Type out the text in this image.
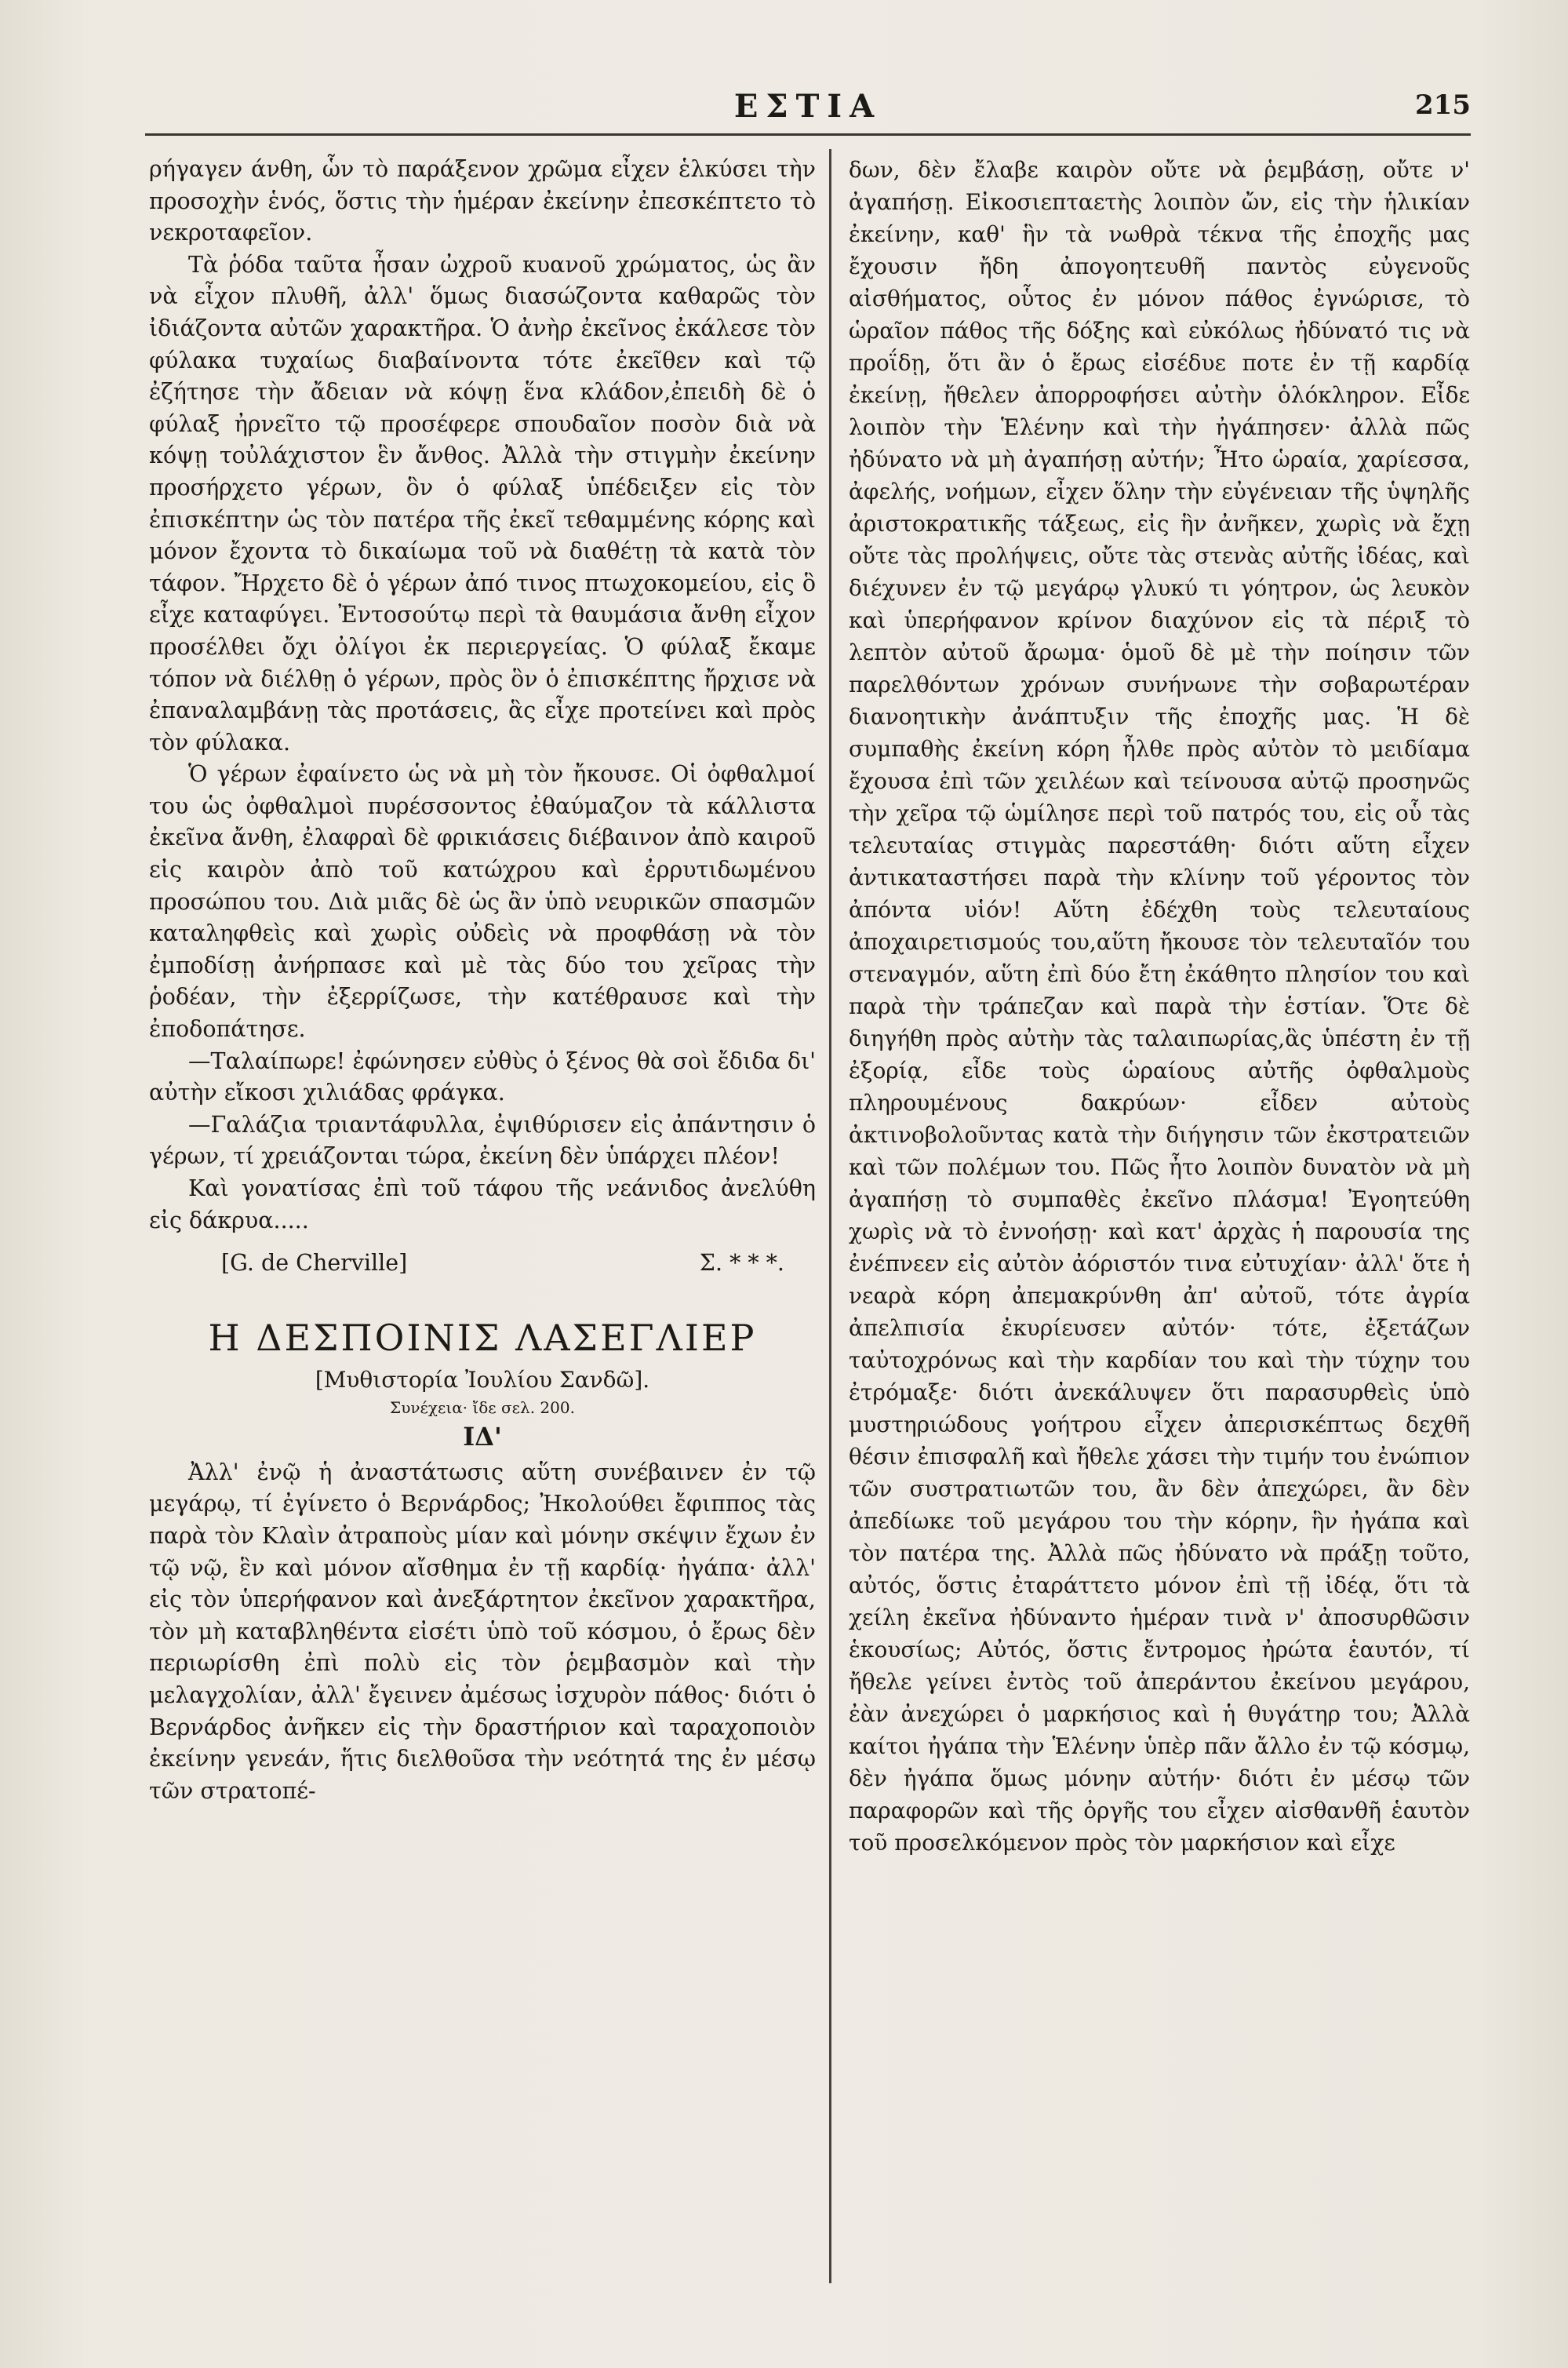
ΕΣΤΙΑ	215

ρήγαγεν άνθη, ὧν τὸ παράξενον χρῶμα εἶχεν ἑλκύσει τὴν προσοχὴν ἑνός, ὅστις τὴν ἡμέραν ἐκείνην ἐπεσκέπτετο τὸ νεκροταφεῖον.

Τὰ ῥόδα ταῦτα ἦσαν ὠχροῦ κυανοῦ χρώματος, ὡς ἂν νὰ εἶχον πλυθῆ, ἀλλ' ὅμως διασώζοντα καθαρῶς τὸν ἰδιάζοντα αὐτῶν χαρακτῆρα. Ὁ ἀνὴρ ἐκεῖνος ἐκάλεσε τὸν φύλακα τυχαίως διαβαίνοντα τότε ἐκεῖθεν καὶ τῷ ἐζήτησε τὴν ἄδειαν νὰ κόψῃ ἕνα κλάδον,ἐπειδὴ δὲ ὁ φύλαξ ἠρνεῖτο τῷ προσέφερε σπουδαῖον ποσὸν διὰ νὰ κόψῃ τοὐλάχιστον ἓν ἄνθος. Ἀλλὰ τὴν στιγμὴν ἐκείνην προσήρχετο γέρων, ὃν ὁ φύλαξ ὑπέδειξεν εἰς τὸν ἐπισκέπτην ὡς τὸν πατέρα τῆς ἐκεῖ τεθαμμένης κόρης καὶ μόνον ἔχοντα τὸ δικαίωμα τοῦ νὰ διαθέτῃ τὰ κατὰ τὸν τάφον. Ἤρχετο δὲ ὁ γέρων ἀπό τινος πτωχοκομείου, εἰς ὃ εἶχε καταφύγει. Ἐντοσούτῳ περὶ τὰ θαυμάσια ἄνθη εἶχον προσέλθει ὄχι ὀλίγοι ἐκ περιεργείας. Ὁ φύλαξ ἔκαμε τόπον νὰ διέλθῃ ὁ γέρων, πρὸς ὃν ὁ ἐπισκέπτης ἤρχισε νὰ ἐπαναλαμβάνῃ τὰς προτάσεις, ἃς εἶχε προτείνει καὶ πρὸς τὸν φύλακα.

Ὁ γέρων ἐφαίνετο ὡς νὰ μὴ τὸν ἤκουσε. Οἱ ὀφθαλμοί του ὡς ὀφθαλμοὶ πυρέσσοντος ἐθαύμαζον τὰ κάλλιστα ἐκεῖνα ἄνθη, ἐλαφραὶ δὲ φρικιάσεις διέβαινον ἀπὸ καιροῦ εἰς καιρὸν ἀπὸ τοῦ κατώχρου καὶ ἐρρυτιδωμένου προσώπου του. Διὰ μιᾶς δὲ ὡς ἂν ὑπὸ νευρικῶν σπασμῶν καταληφθεὶς καὶ χωρὶς οὐδεὶς νὰ προφθάσῃ νὰ τὸν ἐμποδίσῃ ἀνήρπασε καὶ μὲ τὰς δύο του χεῖρας τὴν ῥοδέαν, τὴν ἐξερρίζωσε, τὴν κατέθραυσε καὶ τὴν ἐποδοπάτησε.

—Ταλαίπωρε! ἐφώνησεν εὐθὺς ὁ ξένος θὰ σοὶ ἔδιδα δι' αὐτὴν εἴκοσι χιλιάδας φράγκα.

—Γαλάζια τριαντάφυλλα, ἐψιθύρισεν εἰς ἀπάντησιν ὁ γέρων, τί χρειάζονται τώρα, ἐκείνη δὲν ὑπάρχει πλέον!

Καὶ γονατίσας ἐπὶ τοῦ τάφου τῆς νεάνιδος ἀνελύθη εἰς δάκρυα.....

[G. de Cherville]	Σ. * * *.
Η ΔΕΣΠΟΙΝΙΣ ΛΑΣΕΓΛΙΕΡ
[Μυθιστορία Ἰουλίου Σανδῶ].
Συνέχεια· ἴδε σελ. 200.
ΙΔ'

Ἀλλ' ἐνῷ ἡ ἀναστάτωσις αὕτη συνέβαινεν ἐν τῷ μεγάρῳ, τί ἐγίνετο ὁ Βερνάρδος; Ἠκολούθει ἔφιππος τὰς παρὰ τὸν Κλαὶν ἀτραποὺς μίαν καὶ μόνην σκέψιν ἔχων ἐν τῷ νῷ, ἓν καὶ μόνον αἴσθημα ἐν τῇ καρδίᾳ· ἠγάπα· ἀλλ' εἰς τὸν ὑπερήφανον καὶ ἀνεξάρτητον ἐκεῖνον χαρακτῆρα, τὸν μὴ καταβληθέντα εἰσέτι ὑπὸ τοῦ κόσμου, ὁ ἔρως δὲν περιωρίσθη ἐπὶ πολὺ εἰς τὸν ῥεμβασμὸν καὶ τὴν μελαγχολίαν, ἀλλ' ἔγεινεν ἀμέσως ἰσχυρὸν πάθος· διότι ὁ Βερνάρδος ἀνῆκεν εἰς τὴν δραστήριον καὶ ταραχοποιὸν ἐκείνην γενεάν, ἥτις διελθοῦσα τὴν νεότητά της ἐν μέσῳ τῶν στρατοπέ-

δων, δὲν ἔλαβε καιρὸν οὔτε νὰ ῥεμβάσῃ, οὔτε ν' ἀγαπήσῃ. Εἰκοσιεπταετὴς λοιπὸν ὤν, εἰς τὴν ἡλικίαν ἐκείνην, καθ' ἣν τὰ νωθρὰ τέκνα τῆς ἐποχῆς μας ἔχουσιν ἤδη ἀπογοητευθῆ παντὸς εὐγενοῦς αἰσθήματος, οὗτος ἐν μόνον πάθος ἐγνώρισε, τὸ ὡραῖον πάθος τῆς δόξης καὶ εὐκόλως ἠδύνατό τις νὰ προΐδῃ, ὅτι ἂν ὁ ἔρως εἰσέδυε ποτε ἐν τῇ καρδίᾳ ἐκείνῃ, ἤθελεν ἀπορροφήσει αὐτὴν ὁλόκληρον. Εἶδε λοιπὸν τὴν Ἑλένην καὶ τὴν ἠγάπησεν· ἀλλὰ πῶς ἠδύνατο νὰ μὴ ἀγαπήσῃ αὐτήν; Ἦτο ὡραία, χαρίεσσα, ἀφελής, νοήμων, εἶχεν ὅλην τὴν εὐγένειαν τῆς ὑψηλῆς ἀριστοκρατικῆς τάξεως, εἰς ἣν ἀνῆκεν, χωρὶς νὰ ἔχῃ οὔτε τὰς προλήψεις, οὔτε τὰς στενὰς αὐτῆς ἰδέας, καὶ διέχυνεν ἐν τῷ μεγάρῳ γλυκύ τι γόητρον, ὡς λευκὸν καὶ ὑπερήφανον κρίνον διαχύνον εἰς τὰ πέριξ τὸ λεπτὸν αὐτοῦ ἄρωμα· ὁμοῦ δὲ μὲ τὴν ποίησιν τῶν παρελθόντων χρόνων συνήνωνε τὴν σοβαρωτέραν διανοητικὴν ἀνάπτυξιν τῆς ἐποχῆς μας. Ἡ δὲ συμπαθὴς ἐκείνη κόρη ἦλθε πρὸς αὐτὸν τὸ μειδίαμα ἔχουσα ἐπὶ τῶν χειλέων καὶ τείνουσα αὐτῷ προσηνῶς τὴν χεῖρα τῷ ὡμίλησε περὶ τοῦ πατρός του, εἰς οὗ τὰς τελευταίας στιγμὰς παρεστάθη· διότι αὕτη εἶχεν ἀντικαταστήσει παρὰ τὴν κλίνην τοῦ γέροντος τὸν ἀπόντα υἱόν! Αὕτη ἐδέχθη τοὺς τελευταίους ἀποχαιρετισμούς του,αὕτη ἤκουσε τὸν τελευταῖόν του στεναγμόν, αὕτη ἐπὶ δύο ἔτη ἐκάθητο πλησίον του καὶ παρὰ τὴν τράπεζαν καὶ παρὰ τὴν ἑστίαν. Ὅτε δὲ διηγήθη πρὸς αὐτὴν τὰς ταλαιπωρίας,ἃς ὑπέστη ἐν τῇ ἐξορίᾳ, εἶδε τοὺς ὡραίους αὐτῆς ὀφθαλμοὺς πληρουμένους δακρύων· εἶδεν αὐτοὺς ἀκτινοβολοῦντας κατὰ τὴν διήγησιν τῶν ἐκστρατειῶν καὶ τῶν πολέμων του. Πῶς ἦτο λοιπὸν δυνατὸν νὰ μὴ ἀγαπήσῃ τὸ συμπαθὲς ἐκεῖνο πλάσμα! Ἐγοητεύθη χωρὶς νὰ τὸ ἐννοήσῃ· καὶ κατ' ἀρχὰς ἡ παρουσία της ἐνέπνεεν εἰς αὐτὸν ἀόριστόν τινα εὐτυχίαν· ἀλλ' ὅτε ἡ νεαρὰ κόρη ἀπεμακρύνθη ἀπ' αὐτοῦ, τότε ἀγρία ἀπελπισία ἐκυρίευσεν αὐτόν· τότε, ἐξετάζων ταὐτοχρόνως καὶ τὴν καρδίαν του καὶ τὴν τύχην του ἐτρόμαξε· διότι ἀνεκάλυψεν ὅτι παρασυρθεὶς ὑπὸ μυστηριώδους γοήτρου εἶχεν ἀπερισκέπτως δεχθῆ θέσιν ἐπισφαλῆ καὶ ἤθελε χάσει τὴν τιμήν του ἐνώπιον τῶν συστρατιωτῶν του, ἂν δὲν ἀπεχώρει, ἂν δὲν ἀπεδίωκε τοῦ μεγάρου του τὴν κόρην, ἣν ἠγάπα καὶ τὸν πατέρα της. Ἀλλὰ πῶς ἠδύνατο νὰ πράξῃ τοῦτο, αὐτός, ὅστις ἐταράττετο μόνον ἐπὶ τῇ ἰδέᾳ, ὅτι τὰ χείλη ἐκεῖνα ἠδύναντο ἡμέραν τινὰ ν' ἀποσυρθῶσιν ἑκουσίως; Αὐτός, ὅστις ἔντρομος ἠρώτα ἑαυτόν, τί ἤθελε γείνει ἐντὸς τοῦ ἀπεράντου ἐκείνου μεγάρου, ἐὰν ἀνεχώρει ὁ μαρκήσιος καὶ ἡ θυγάτηρ του; Ἀλλὰ καίτοι ἠγάπα τὴν Ἑλένην ὑπὲρ πᾶν ἄλλο ἐν τῷ κόσμῳ, δὲν ἠγάπα ὅμως μόνην αὐτήν· διότι ἐν μέσῳ τῶν παραφορῶν καὶ τῆς ὀργῆς του εἶχεν αἰσθανθῆ ἑαυτὸν τοῦ προσελκόμενον πρὸς τὸν μαρκήσιον καὶ εἶχε
